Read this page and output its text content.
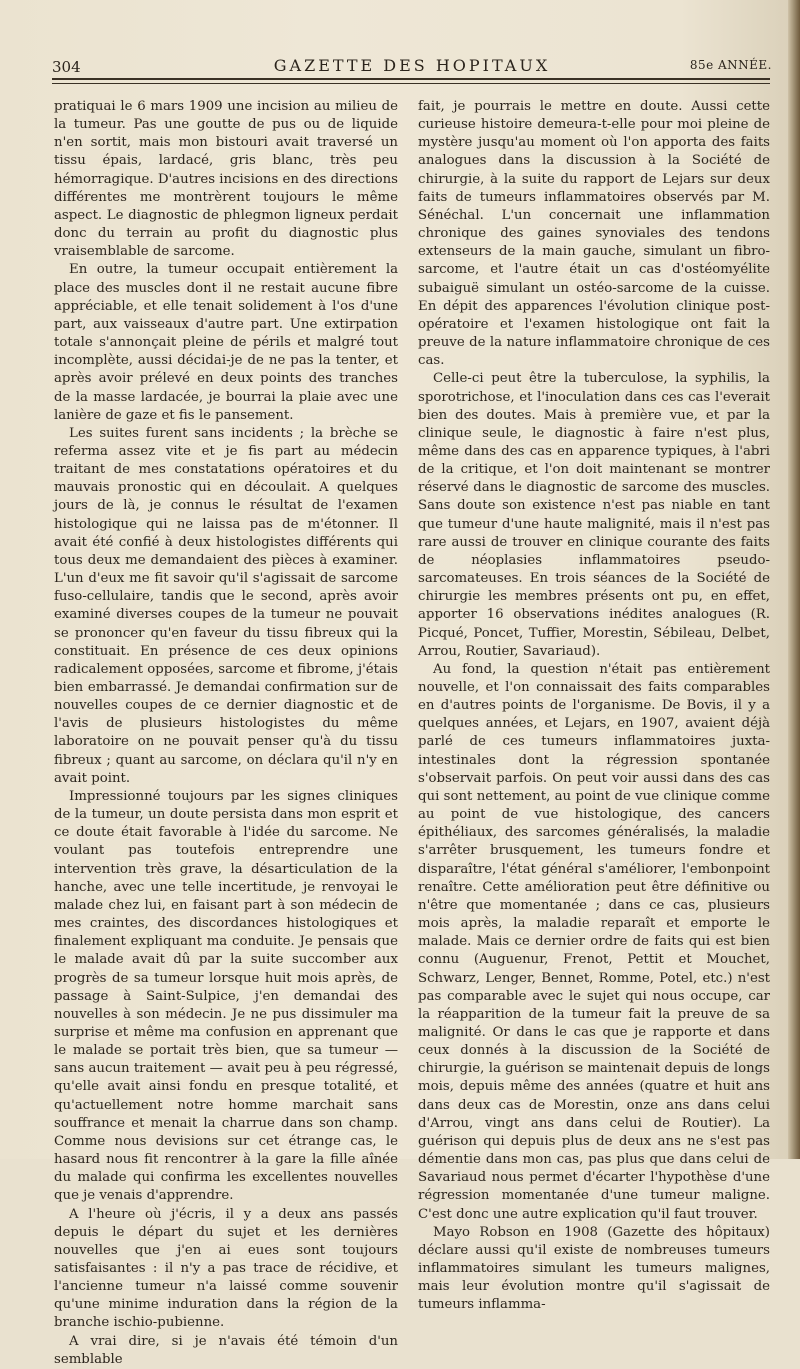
304	GAZETTE DES HOPITAUX	85e ANNÉE.

pratiquai le 6 mars 1909 une incision au milieu de la tumeur. Pas une goutte de pus ou de liquide n'en sortit, mais mon bistouri avait traversé un tissu épais, lardacé, gris blanc, très peu hémorragique. D'autres incisions en des directions différentes me montrèrent toujours le même aspect. Le diagnostic de phlegmon ligneux perdait donc du terrain au profit du diagnostic plus vraisemblable de sarcome.

En outre, la tumeur occupait entièrement la place des muscles dont il ne restait aucune fibre appréciable, et elle tenait solidement à l'os d'une part, aux vaisseaux d'autre part. Une extirpation totale s'annonçait pleine de périls et malgré tout incomplète, aussi décidai-je de ne pas la tenter, et après avoir prélevé en deux points des tranches de la masse lardacée, je bourrai la plaie avec une lanière de gaze et fis le pansement.

Les suites furent sans incidents ; la brèche se referma assez vite et je fis part au médecin traitant de mes constatations opératoires et du mauvais pronostic qui en découlait. A quelques jours de là, je connus le résultat de l'examen histologique qui ne laissa pas de m'étonner. Il avait été confié à deux histologistes différents qui tous deux me demandaient des pièces à examiner. L'un d'eux me fit savoir qu'il s'agissait de sarcome fuso-cellulaire, tandis que le second, après avoir examiné diverses coupes de la tumeur ne pouvait se prononcer qu'en faveur du tissu fibreux qui la constituait. En présence de ces deux opinions radicalement opposées, sarcome et fibrome, j'étais bien embarrassé. Je demandai confirmation sur de nouvelles coupes de ce dernier diagnostic et de l'avis de plusieurs histologistes du même laboratoire on ne pouvait penser qu'à du tissu fibreux ; quant au sarcome, on déclara qu'il n'y en avait point.

Impressionné toujours par les signes cliniques de la tumeur, un doute persista dans mon esprit et ce doute était favorable à l'idée du sarcome. Ne voulant pas toutefois entreprendre une intervention très grave, la désarticulation de la hanche, avec une telle incertitude, je renvoyai le malade chez lui, en faisant part à son médecin de mes craintes, des discordances histologiques et finalement expliquant ma conduite. Je pensais que le malade avait dû par la suite succomber aux progrès de sa tumeur lorsque huit mois après, de passage à Saint-Sulpice, j'en demandai des nouvelles à son médecin. Je ne pus dissimuler ma surprise et même ma confusion en apprenant que le malade se portait très bien, que sa tumeur — sans aucun traitement — avait peu à peu régressé, qu'elle avait ainsi fondu en presque totalité, et qu'actuellement notre homme marchait sans souffrance et menait la charrue dans son champ. Comme nous devisions sur cet étrange cas, le hasard nous fit rencontrer à la gare la fille aînée du malade qui confirma les excellentes nouvelles que je venais d'apprendre.

A l'heure où j'écris, il y a deux ans passés depuis le départ du sujet et les dernières nouvelles que j'en ai eues sont toujours satisfaisantes : il n'y a pas trace de récidive, et l'ancienne tumeur n'a laissé comme souvenir qu'une minime induration dans la région de la branche ischio-pubienne.

A vrai dire, si je n'avais été témoin d'un semblable

fait, je pourrais le mettre en doute. Aussi cette curieuse histoire demeura-t-elle pour moi pleine de mystère jusqu'au moment où l'on apporta des faits analogues dans la discussion à la Société de chirurgie, à la suite du rapport de Lejars sur deux faits de tumeurs inflammatoires observés par M. Sénéchal. L'un concernait une inflammation chronique des gaines synoviales des tendons extenseurs de la main gauche, simulant un fibro-sarcome, et l'autre était un cas d'ostéomyélite subaiguë simulant un ostéo-sarcome de la cuisse. En dépit des apparences l'évolution clinique post-opératoire et l'examen histologique ont fait la preuve de la nature inflammatoire chronique de ces cas.

Celle-ci peut être la tuberculose, la syphilis, la sporotrichose, et l'inoculation dans ces cas l'everait bien des doutes. Mais à première vue, et par la clinique seule, le diagnostic à faire n'est plus, même dans des cas en apparence typiques, à l'abri de la critique, et l'on doit maintenant se montrer réservé dans le diagnostic de sarcome des muscles. Sans doute son existence n'est pas niable en tant que tumeur d'une haute malignité, mais il n'est pas rare aussi de trouver en clinique courante des faits de néoplasies inflammatoires pseudo-sarcomateuses. En trois séances de la Société de chirurgie les membres présents ont pu, en effet, apporter 16 observations inédites analogues (R. Picqué, Poncet, Tuffier, Morestin, Sébileau, Delbet, Arrou, Routier, Savariaud).

Au fond, la question n'était pas entièrement nouvelle, et l'on connaissait des faits comparables en d'autres points de l'organisme. De Bovis, il y a quelques années, et Lejars, en 1907, avaient déjà parlé de ces tumeurs inflammatoires juxta-intestinales dont la régression spontanée s'observait parfois. On peut voir aussi dans des cas qui sont nettement, au point de vue clinique comme au point de vue histologique, des cancers épithéliaux, des sarcomes généralisés, la maladie s'arrêter brusquement, les tumeurs fondre et disparaître, l'état général s'améliorer, l'embonpoint renaître. Cette amélioration peut être définitive ou n'être que momentanée ; dans ce cas, plusieurs mois après, la maladie reparaît et emporte le malade. Mais ce dernier ordre de faits qui est bien connu (Auguenur, Frenot, Pettit et Mouchet, Schwarz, Lenger, Bennet, Romme, Potel, etc.) n'est pas comparable avec le sujet qui nous occupe, car la réapparition de la tumeur fait la preuve de sa malignité. Or dans le cas que je rapporte et dans ceux donnés à la discussion de la Société de chirurgie, la guérison se maintenait depuis de longs mois, depuis même des années (quatre et huit ans dans deux cas de Morestin, onze ans dans celui d'Arrou, vingt ans dans celui de Routier). La guérison qui depuis plus de deux ans ne s'est pas démentie dans mon cas, pas plus que dans celui de Savariaud nous permet d'écarter l'hypothèse d'une régression momentanée d'une tumeur maligne. C'est donc une autre explication qu'il faut trouver.

Mayo Robson en 1908 (Gazette des hôpitaux) déclare aussi qu'il existe de nombreuses tumeurs inflammatoires simulant les tumeurs malignes, mais leur évolution montre qu'il s'agissait de tumeurs inflamma-
